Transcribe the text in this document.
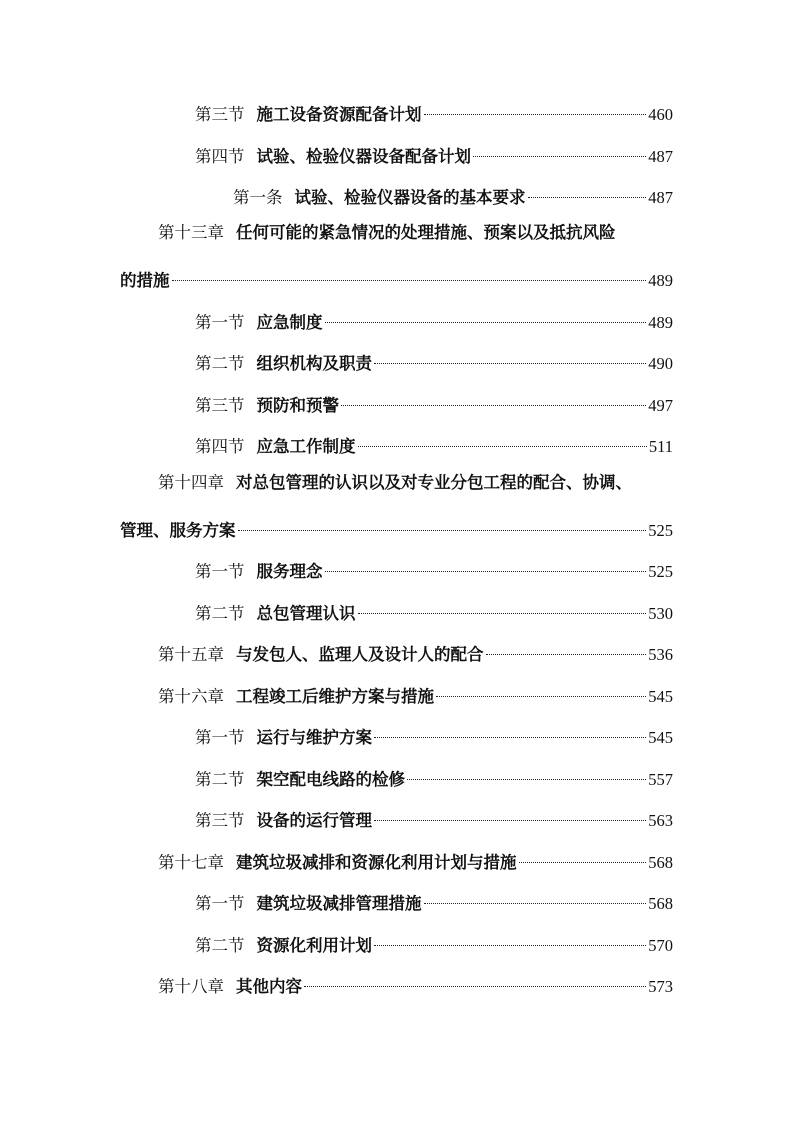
第三节 施工设备资源配备计划	460
第四节 试验、检验仪器设备配备计划	487
第一条 试验、检验仪器设备的基本要求	487
第十三章 任何可能的紧急情况的处理措施、预案以及抵抗风险
的措施	489
第一节 应急制度	489
第二节 组织机构及职责	490
第三节 预防和预警	497
第四节 应急工作制度	511
第十四章 对总包管理的认识以及对专业分包工程的配合、协调、
管理、服务方案	525
第一节 服务理念	525
第二节 总包管理认识	530
第十五章 与发包人、监理人及设计人的配合	536
第十六章 工程竣工后维护方案与措施	545
第一节 运行与维护方案	545
第二节 架空配电线路的检修	557
第三节 设备的运行管理	563
第十七章 建筑垃圾减排和资源化利用计划与措施	568
第一节 建筑垃圾减排管理措施	568
第二节 资源化利用计划	570
第十八章 其他内容	573
